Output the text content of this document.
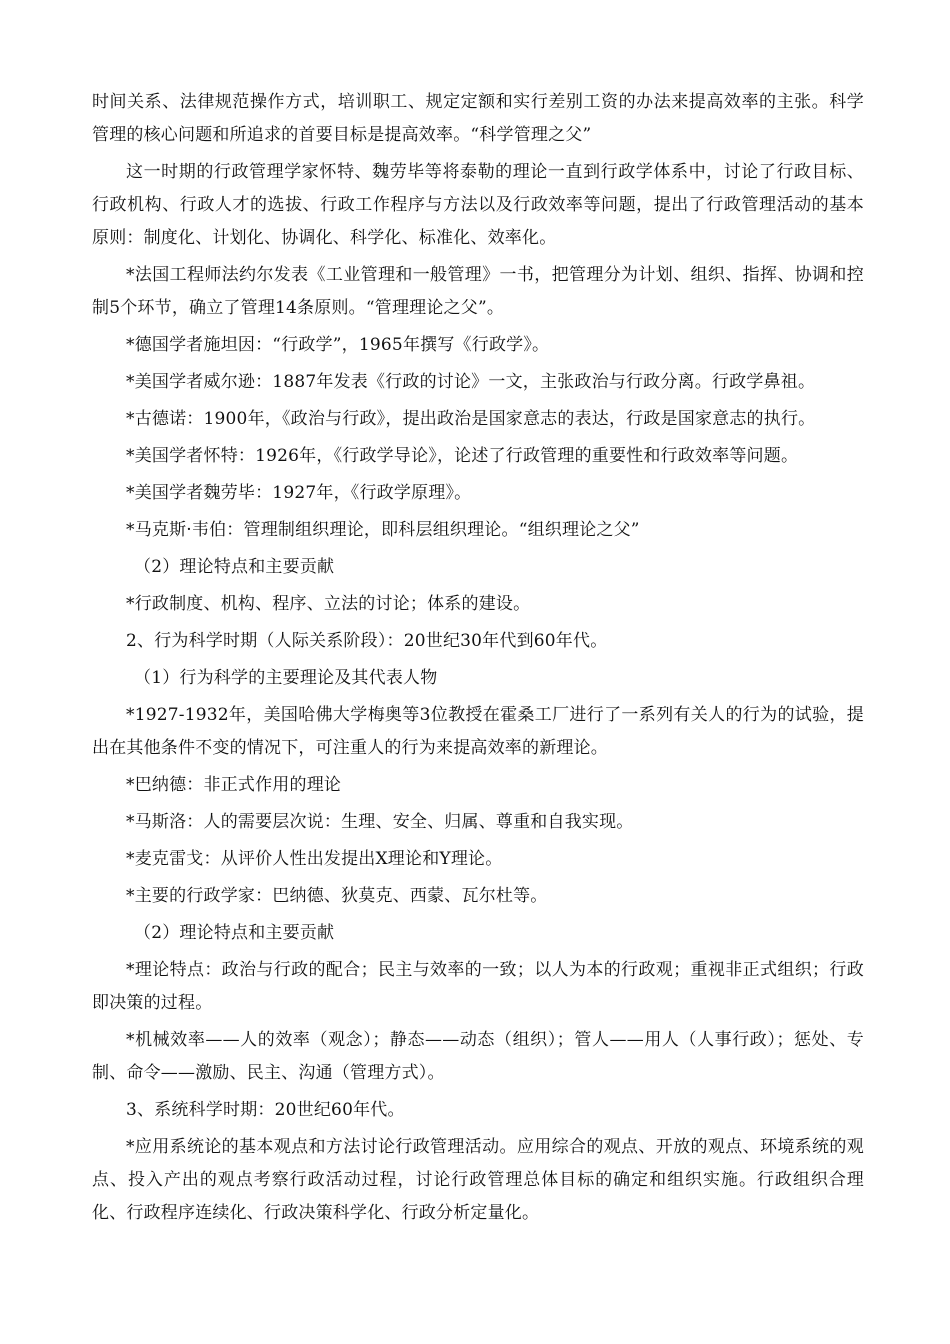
时间关系、法律规范操作方式，培训职工、规定定额和实行差别工资的办法来提高效率的主张。科学管理的核心问题和所追求的首要目标是提高效率。“科学管理之父”

这一时期的行政管理学家怀特、魏劳毕等将泰勒的理论一直到行政学体系中，讨论了行政目标、行政机构、行政人才的选拔、行政工作程序与方法以及行政效率等问题，提出了行政管理活动的基本原则：制度化、计划化、协调化、科学化、标准化、效率化。

*法国工程师法约尔发表《工业管理和一般管理》一书，把管理分为计划、组织、指挥、协调和控制5个环节，确立了管理14条原则。“管理理论之父”。

*德国学者施坦因：“行政学”，1965年撰写《行政学》。

*美国学者威尔逊：1887年发表《行政的讨论》一文，主张政治与行政分离。行政学鼻祖。

*古德诺：1900年，《政治与行政》，提出政治是国家意志的表达，行政是国家意志的执行。

*美国学者怀特：1926年，《行政学导论》，论述了行政管理的重要性和行政效率等问题。

*美国学者魏劳毕：1927年，《行政学原理》。

*马克斯·韦伯：管理制组织理论，即科层组织理论。“组织理论之父”

（2）理论特点和主要贡献

*行政制度、机构、程序、立法的讨论；体系的建设。

2、行为科学时期（人际关系阶段）：20世纪30年代到60年代。

（1）行为科学的主要理论及其代表人物

*1927-1932年，美国哈佛大学梅奥等3位教授在霍桑工厂进行了一系列有关人的行为的试验，提出在其他条件不变的情况下，可注重人的行为来提高效率的新理论。

*巴纳德：非正式作用的理论

*马斯洛：人的需要层次说：生理、安全、归属、尊重和自我实现。

*麦克雷戈：从评价人性出发提出X理论和Y理论。

*主要的行政学家：巴纳德、狄莫克、西蒙、瓦尔杜等。

（2）理论特点和主要贡献

*理论特点：政治与行政的配合；民主与效率的一致；以人为本的行政观；重视非正式组织；行政即决策的过程。

*机械效率——人的效率（观念）；静态——动态（组织）；管人——用人（人事行政）；惩处、专制、命令——激励、民主、沟通（管理方式）。

3、系统科学时期：20世纪60年代。

*应用系统论的基本观点和方法讨论行政管理活动。应用综合的观点、开放的观点、环境系统的观点、投入产出的观点考察行政活动过程，讨论行政管理总体目标的确定和组织实施。行政组织合理化、行政程序连续化、行政决策科学化、行政分析定量化。
